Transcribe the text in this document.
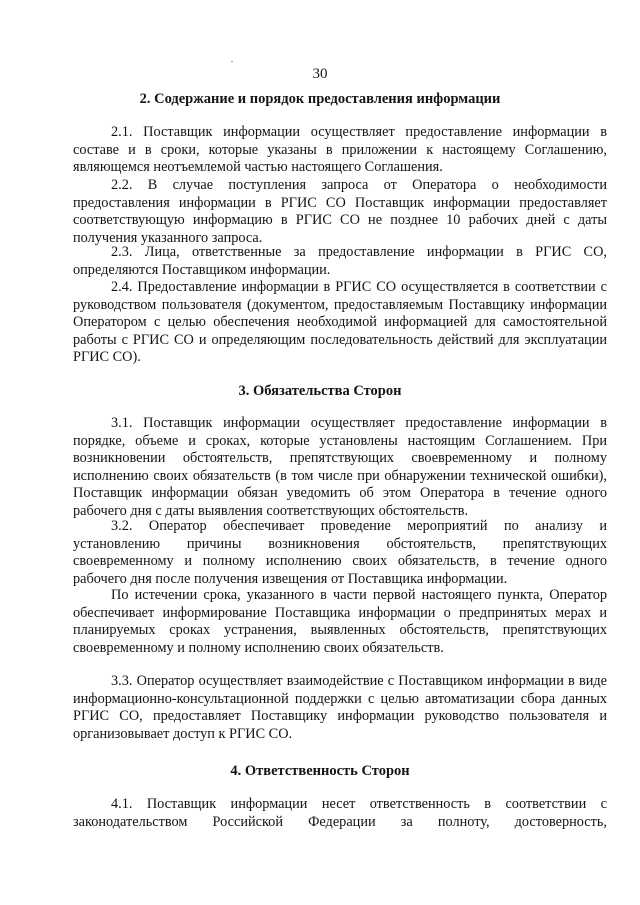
30
2. Содержание и порядок предоставления информации

2.1. Поставщик информации осуществляет предоставление информации в составе и в сроки, которые указаны в приложении к настоящему Соглашению, являющемся неотъемлемой частью настоящего Соглашения.

2.2. В случае поступления запроса от Оператора о необходимости предоставления информации в РГИС СО Поставщик информации предоставляет соответствующую информацию в РГИС СО не позднее 10 рабочих дней с даты получения указанного запроса.

2.3. Лица, ответственные за предоставление информации в РГИС СО, определяются Поставщиком информации.

2.4. Предоставление информации в РГИС СО осуществляется в соответствии с руководством пользователя (документом, предоставляемым Поставщику информации Оператором с целью обеспечения необходимой информацией для самостоятельной работы с РГИС СО и определяющим последовательность действий для эксплуатации РГИС СО).

3. Обязательства Сторон

3.1. Поставщик информации осуществляет предоставление информации в порядке, объеме и сроках, которые установлены настоящим Соглашением. При возникновении обстоятельств, препятствующих своевременному и полному исполнению своих обязательств (в том числе при обнаружении технической ошибки), Поставщик информации обязан уведомить об этом Оператора в течение одного рабочего дня с даты выявления соответствующих обстоятельств.

3.2. Оператор обеспечивает проведение мероприятий по анализу и установлению причины возникновения обстоятельств, препятствующих своевременному и полному исполнению своих обязательств, в течение одного рабочего дня после получения извещения от Поставщика информации.

По истечении срока, указанного в части первой настоящего пункта, Оператор обеспечивает информирование Поставщика информации о предпринятых мерах и планируемых сроках устранения, выявленных обстоятельств, препятствующих своевременному и полному исполнению своих обязательств.

3.3. Оператор осуществляет взаимодействие с Поставщиком информации в виде информационно-консультационной поддержки с целью автоматизации сбора данных РГИС СО, предоставляет Поставщику информации руководство пользователя и организовывает доступ к РГИС СО.

4. Ответственность Сторон

4.1. Поставщик информации несет ответственность в соответствии с законодательством Российской Федерации за полноту, достоверность,
